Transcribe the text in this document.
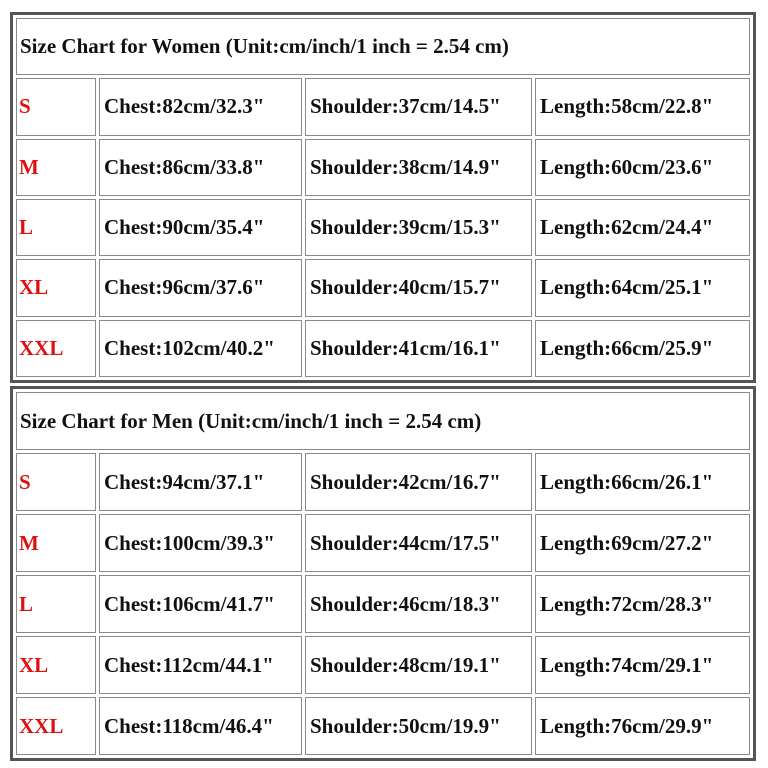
Size Chart for Women (Unit:cm/inch/1 inch = 2.54 cm)			
S	Chest:82cm/32.3"	Shoulder:37cm/14.5"	Length:58cm/22.8"
M	Chest:86cm/33.8"	Shoulder:38cm/14.9"	Length:60cm/23.6"
L	Chest:90cm/35.4"	Shoulder:39cm/15.3"	Length:62cm/24.4"
XL	Chest:96cm/37.6"	Shoulder:40cm/15.7"	Length:64cm/25.1"
XXL	Chest:102cm/40.2"	Shoulder:41cm/16.1"	Length:66cm/25.9"
Size Chart for Men (Unit:cm/inch/1 inch = 2.54 cm)			
S	Chest:94cm/37.1"	Shoulder:42cm/16.7"	Length:66cm/26.1"
M	Chest:100cm/39.3"	Shoulder:44cm/17.5"	Length:69cm/27.2"
L	Chest:106cm/41.7"	Shoulder:46cm/18.3"	Length:72cm/28.3"
XL	Chest:112cm/44.1"	Shoulder:48cm/19.1"	Length:74cm/29.1"
XXL	Chest:118cm/46.4"	Shoulder:50cm/19.9"	Length:76cm/29.9"
